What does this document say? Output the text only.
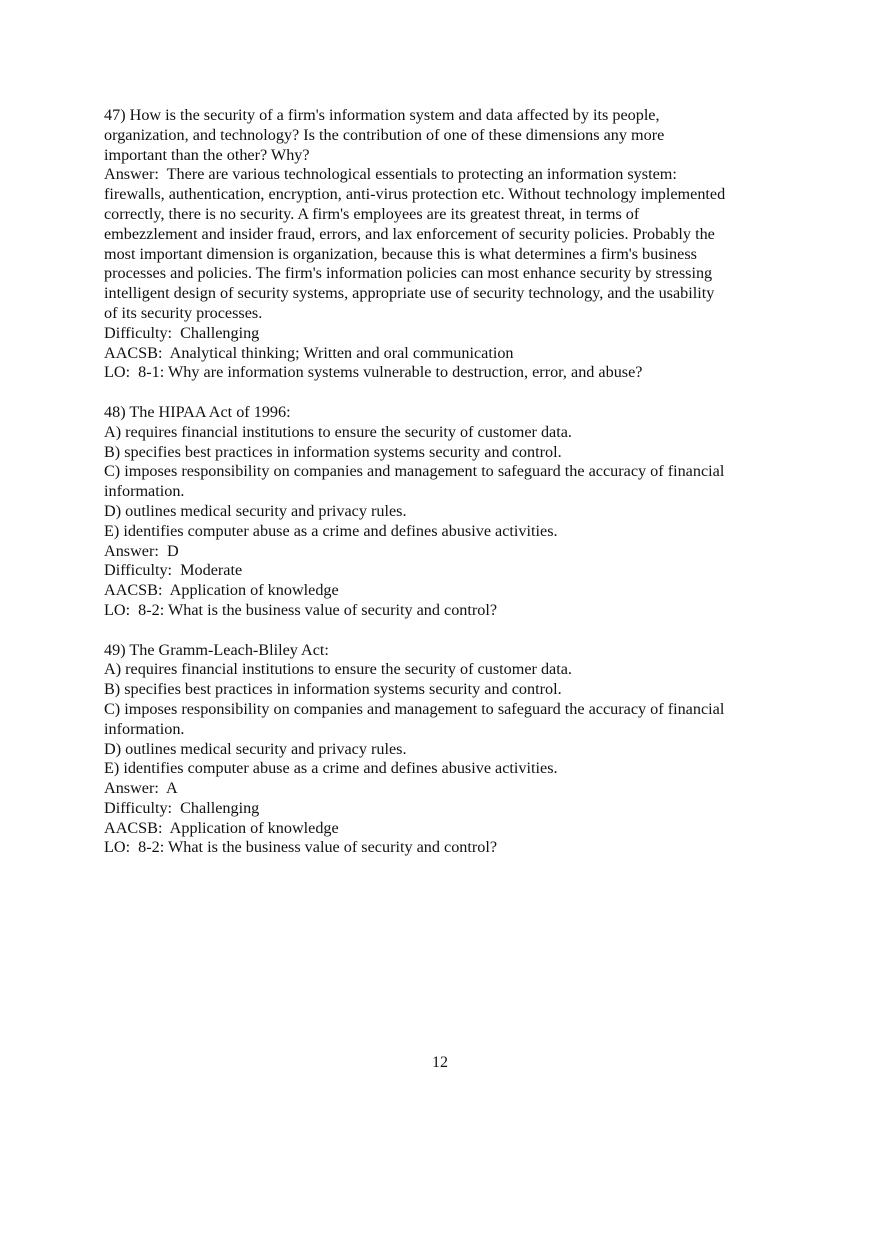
47) How is the security of a firm's information system and data affected by its people,
organization, and technology? Is the contribution of one of these dimensions any more
important than the other? Why?
Answer:  There are various technological essentials to protecting an information system:
firewalls, authentication, encryption, anti-virus protection etc. Without technology implemented
correctly, there is no security. A firm's employees are its greatest threat, in terms of
embezzlement and insider fraud, errors, and lax enforcement of security policies. Probably the
most important dimension is organization, because this is what determines a firm's business
processes and policies. The firm's information policies can most enhance security by stressing
intelligent design of security systems, appropriate use of security technology, and the usability
of its security processes.
Difficulty:  Challenging
AACSB:  Analytical thinking; Written and oral communication
LO:  8-1: Why are information systems vulnerable to destruction, error, and abuse?
48) The HIPAA Act of 1996:
A) requires financial institutions to ensure the security of customer data.
B) specifies best practices in information systems security and control.
C) imposes responsibility on companies and management to safeguard the accuracy of financial
information.
D) outlines medical security and privacy rules.
E) identifies computer abuse as a crime and defines abusive activities.
Answer:  D
Difficulty:  Moderate
AACSB:  Application of knowledge
LO:  8-2: What is the business value of security and control?
49) The Gramm-Leach-Bliley Act:
A) requires financial institutions to ensure the security of customer data.
B) specifies best practices in information systems security and control.
C) imposes responsibility on companies and management to safeguard the accuracy of financial
information.
D) outlines medical security and privacy rules.
E) identifies computer abuse as a crime and defines abusive activities.
Answer:  A
Difficulty:  Challenging
AACSB:  Application of knowledge
LO:  8-2: What is the business value of security and control?
12
